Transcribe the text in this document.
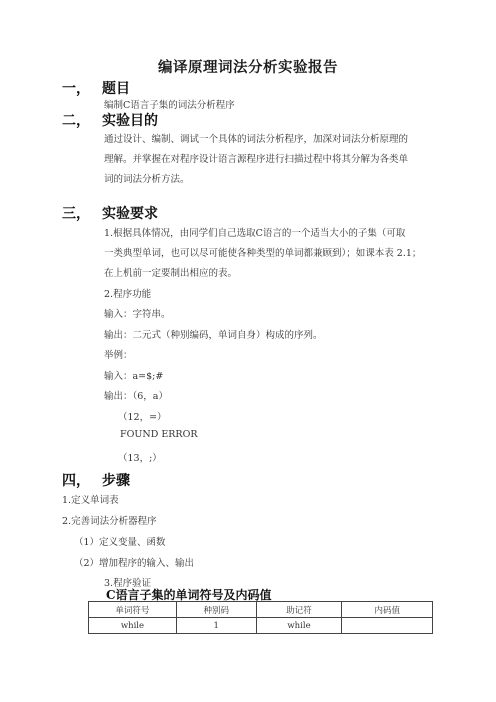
编译原理词法分析实验报告
一， 题目
编制C语言子集的词法分析程序
二， 实验目的
通过设计、编制、调试一个具体的词法分析程序，加深对词法分析原理的
理解。并掌握在对程序设计语言源程序进行扫描过程中将其分解为各类单
词的词法分析方法。
三， 实验要求
1.根据具体情况，由同学们自己选取C语言的一个适当大小的子集（可取
一类典型单词，也可以尽可能使各种类型的单词都兼顾到）；如课本表 2.1；
在上机前一定要制出相应的表。
2.程序功能
输入：字符串。
输出：二元式（种别编码，单词自身）构成的序列。
举例：
输入：a=$;#
输出：（6，a）
（12，=）
FOUND ERROR
（13，;）
四， 步骤
1.定义单词表
2.完善词法分析器程序
（1）定义变量、函数
（2）增加程序的输入、输出
3.程序验证
C语言子集的单词符号及内码值
单词符号	种别码	助记符	内码值
while	1	while	
